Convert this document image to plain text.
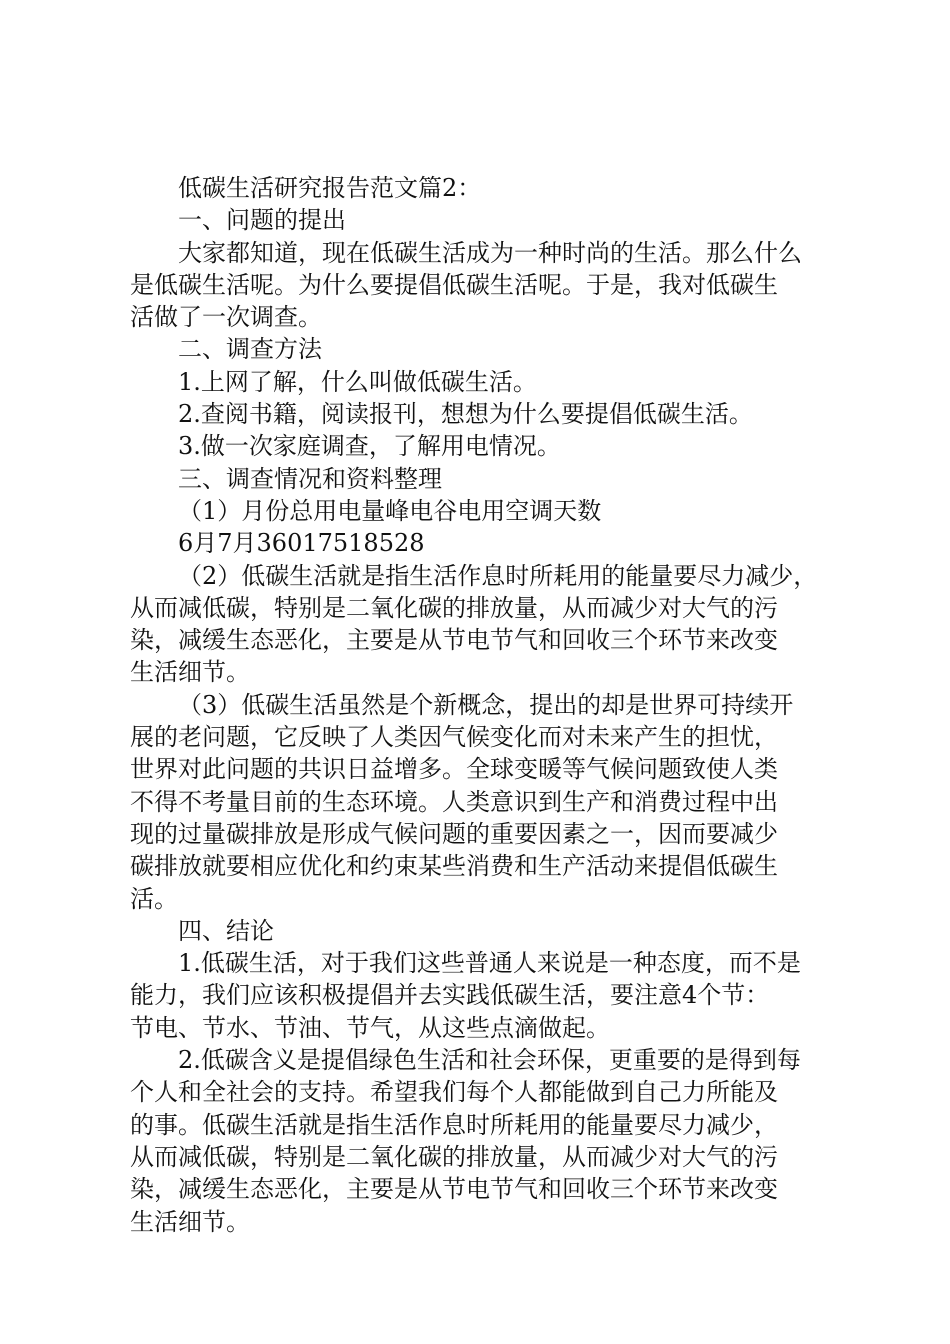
低碳生活研究报告范文篇2：
一、问题的提出
大家都知道，现在低碳生活成为一种时尚的生活。那么什么
是低碳生活呢。为什么要提倡低碳生活呢。于是，我对低碳生
活做了一次调查。
二、调查方法
1.上网了解，什么叫做低碳生活。
2.查阅书籍，阅读报刊，想想为什么要提倡低碳生活。
3.做一次家庭调查，了解用电情况。
三、调查情况和资料整理
（1）月份总用电量峰电谷电用空调天数
6月7月36017518528
（2）低碳生活就是指生活作息时所耗用的能量要尽力减少，
从而减低碳，特别是二氧化碳的排放量，从而减少对大气的污
染，减缓生态恶化，主要是从节电节气和回收三个环节来改变
生活细节。
（3）低碳生活虽然是个新概念，提出的却是世界可持续开
展的老问题，它反映了人类因气候变化而对未来产生的担忧，
世界对此问题的共识日益增多。全球变暖等气候问题致使人类
不得不考量目前的生态环境。人类意识到生产和消费过程中出
现的过量碳排放是形成气候问题的重要因素之一，因而要减少
碳排放就要相应优化和约束某些消费和生产活动来提倡低碳生
活。
四、结论
1.低碳生活，对于我们这些普通人来说是一种态度，而不是
能力，我们应该积极提倡并去实践低碳生活，要注意4个节：
节电、节水、节油、节气，从这些点滴做起。
2.低碳含义是提倡绿色生活和社会环保，更重要的是得到每
个人和全社会的支持。希望我们每个人都能做到自己力所能及
的事。低碳生活就是指生活作息时所耗用的能量要尽力减少，
从而减低碳，特别是二氧化碳的排放量，从而减少对大气的污
染，减缓生态恶化，主要是从节电节气和回收三个环节来改变
生活细节。
